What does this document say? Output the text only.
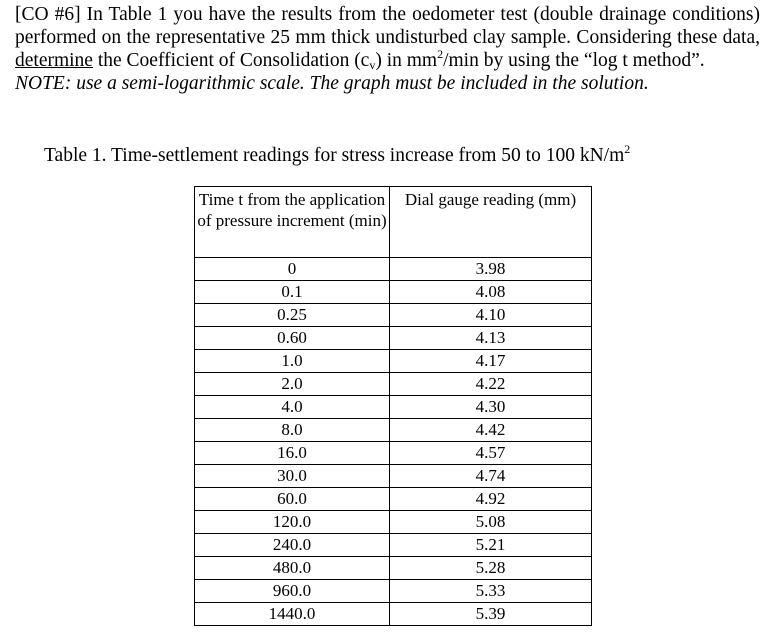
[CO #6] In Table 1 you have the results from the oedometer test (double drainage conditions) performed on the representative 25 mm thick undisturbed clay sample. Considering these data, determine the Coefficient of Consolidation $(c_v)$ in $mm^2/\min$ by using the “log t method”.

NOTE: use a semi-logarithmic scale. The graph must be included in the solution.

Table 1. Time-settlement readings for stress increase from 50 to 100 $kN/m^2$
Time t from the application of pressure increment (min)	Dial gauge reading (mm)
0	3.98
0.1	4.08
0.25	4.10
0.60	4.13
1.0	4.17
2.0	4.22
4.0	4.30
8.0	4.42
16.0	4.57
30.0	4.74
60.0	4.92
120.0	5.08
240.0	5.21
480.0	5.28
960.0	5.33
1440.0	5.39
